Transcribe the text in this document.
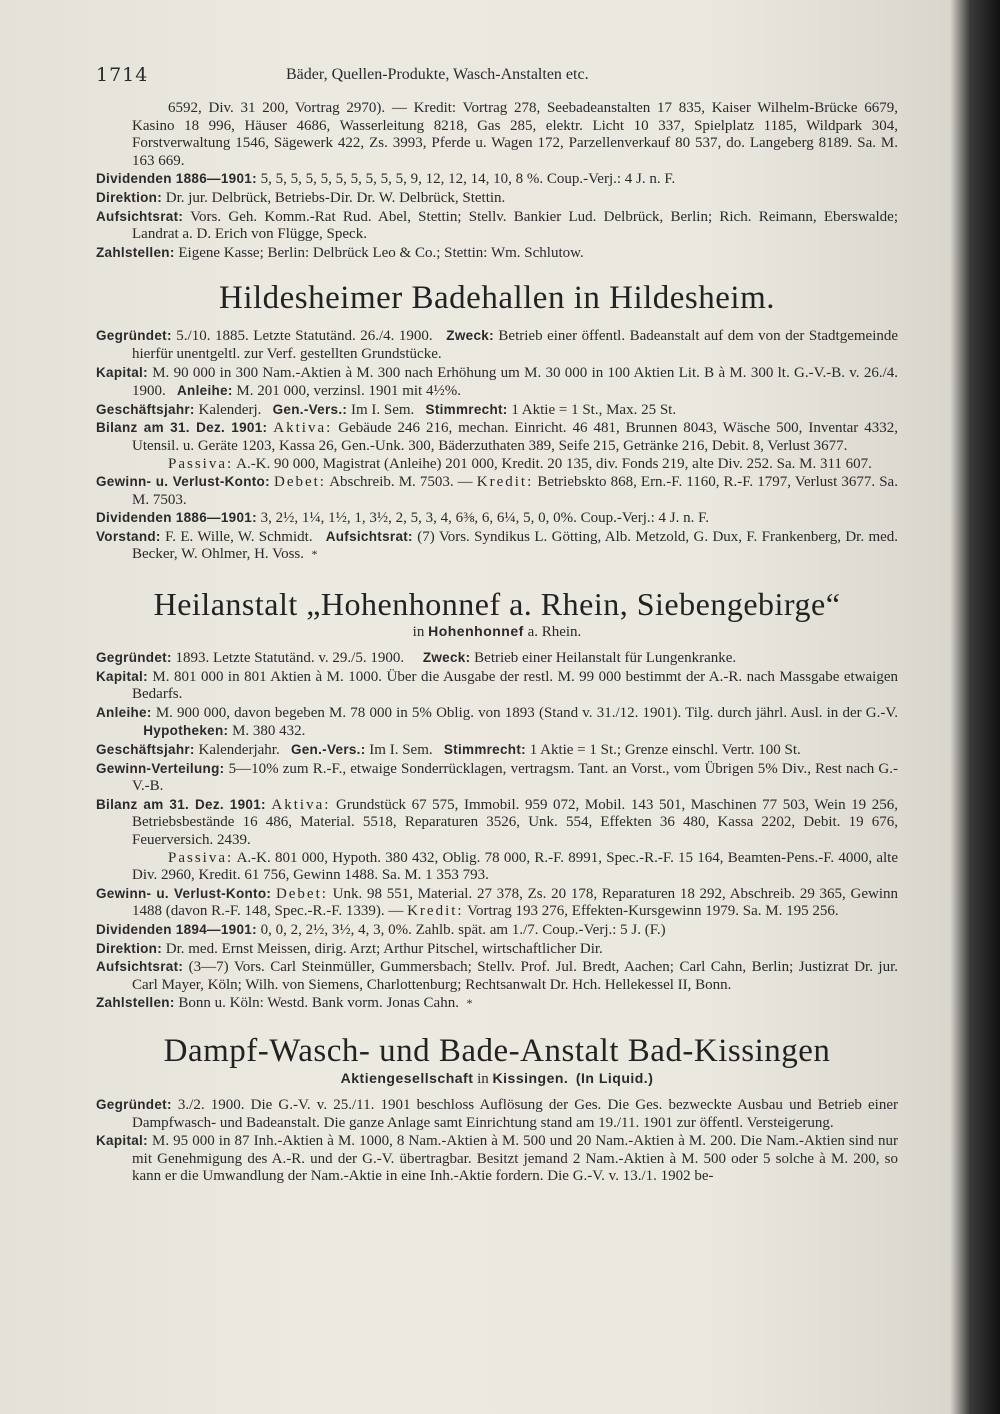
1714	Bäder, Quellen-Produkte, Wasch-Anstalten etc.

6592, Div. 31 200, Vortrag 2970). — Kredit: Vortrag 278, Seebadeanstalten 17 835, Kaiser Wilhelm-Brücke 6679, Kasino 18 996, Häuser 4686, Wasserleitung 8218, Gas 285, elektr. Licht 10 337, Spielplatz 1185, Wildpark 304, Forstverwaltung 1546, Sägewerk 422, Zs. 3993, Pferde u. Wagen 172, Parzellenverkauf 80 537, do. Langeberg 8189. Sa. M. 163 669.

Dividenden 1886—1901: 5, 5, 5, 5, 5, 5, 5, 5, 5, 5, 9, 12, 12, 14, 10, 8 %. Coup.-Verj.: 4 J. n. F.

Direktion: Dr. jur. Delbrück, Betriebs-Dir. Dr. W. Delbrück, Stettin.

Aufsichtsrat: Vors. Geh. Komm.-Rat Rud. Abel, Stettin; Stellv. Bankier Lud. Delbrück, Berlin; Rich. Reimann, Eberswalde; Landrat a. D. Erich von Flügge, Speck.

Zahlstellen: Eigene Kasse; Berlin: Delbrück Leo & Co.; Stettin: Wm. Schlutow.

Hildesheimer Badehallen in Hildesheim.

Gegründet: 5./10. 1885. Letzte Statutänd. 26./4. 1900. Zweck: Betrieb einer öffentl. Badeanstalt auf dem von der Stadtgemeinde hierfür unentgeltl. zur Verf. gestellten Grundstücke.

Kapital: M. 90 000 in 300 Nam.-Aktien à M. 300 nach Erhöhung um M. 30 000 in 100 Aktien Lit. B à M. 300 lt. G.-V.-B. v. 26./4. 1900. Anleihe: M. 201 000, verzinsl. 1901 mit 4½%.

Geschäftsjahr: Kalenderj. Gen.-Vers.: Im I. Sem. Stimmrecht: 1 Aktie = 1 St., Max. 25 St.

Bilanz am 31. Dez. 1901: Aktiva: Gebäude 246 216, mechan. Einricht. 46 481, Brunnen 8043, Wäsche 500, Inventar 4332, Utensil. u. Geräte 1203, Kassa 26, Gen.-Unk. 300, Bäderzuthaten 389, Seife 215, Getränke 216, Debit. 8, Verlust 3677.

Passiva: A.-K. 90 000, Magistrat (Anleihe) 201 000, Kredit. 20 135, div. Fonds 219, alte Div. 252. Sa. M. 311 607.

Gewinn- u. Verlust-Konto: Debet: Abschreib. M. 7503. — Kredit: Betriebskto 868, Ern.-F. 1160, R.-F. 1797, Verlust 3677. Sa. M. 7503.

Dividenden 1886—1901: 3, 2½, 1¼, 1½, 1, 3½, 2, 5, 3, 4, 6⅜, 6, 6¼, 5, 0, 0%. Coup.-Verj.: 4 J. n. F.

Vorstand: F. E. Wille, W. Schmidt. Aufsichtsrat: (7) Vors. Syndikus L. Götting, Alb. Metzold, G. Dux, F. Frankenberg, Dr. med. Becker, W. Ohlmer, H. Voss. *

Heilanstalt „Hohenhonnef a. Rhein, Siebengebirge“

in Hohenhonnef a. Rhein.

Gegründet: 1893. Letzte Statutänd. v. 29./5. 1900. Zweck: Betrieb einer Heilanstalt für Lungenkranke.

Kapital: M. 801 000 in 801 Aktien à M. 1000. Über die Ausgabe der restl. M. 99 000 bestimmt der A.-R. nach Massgabe etwaigen Bedarfs.

Anleihe: M. 900 000, davon begeben M. 78 000 in 5% Oblig. von 1893 (Stand v. 31./12. 1901). Tilg. durch jährl. Ausl. in der G.-V.    Hypotheken: M. 380 432.

Geschäftsjahr: Kalenderjahr. Gen.-Vers.: Im I. Sem. Stimmrecht: 1 Aktie = 1 St.; Grenze einschl. Vertr. 100 St.

Gewinn-Verteilung: 5—10% zum R.-F., etwaige Sonderrücklagen, vertragsm. Tant. an Vorst., vom Übrigen 5% Div., Rest nach G.-V.-B.

Bilanz am 31. Dez. 1901: Aktiva: Grundstück 67 575, Immobil. 959 072, Mobil. 143 501, Maschinen 77 503, Wein 19 256, Betriebsbestände 16 486, Material. 5518, Reparaturen 3526, Unk. 554, Effekten 36 480, Kassa 2202, Debit. 19 676, Feuerversich. 2439.

Passiva: A.-K. 801 000, Hypoth. 380 432, Oblig. 78 000, R.-F. 8991, Spec.-R.-F. 15 164, Beamten-Pens.-F. 4000, alte Div. 2960, Kredit. 61 756, Gewinn 1488. Sa. M. 1 353 793.

Gewinn- u. Verlust-Konto: Debet: Unk. 98 551, Material. 27 378, Zs. 20 178, Reparaturen 18 292, Abschreib. 29 365, Gewinn 1488 (davon R.-F. 148, Spec.-R.-F. 1339). — Kredit: Vortrag 193 276, Effekten-Kursgewinn 1979. Sa. M. 195 256.

Dividenden 1894—1901: 0, 0, 2, 2½, 3½, 4, 3, 0%. Zahlb. spät. am 1./7. Coup.-Verj.: 5 J. (F.)

Direktion: Dr. med. Ernst Meissen, dirig. Arzt; Arthur Pitschel, wirtschaftlicher Dir.

Aufsichtsrat: (3—7) Vors. Carl Steinmüller, Gummersbach; Stellv. Prof. Jul. Bredt, Aachen; Carl Cahn, Berlin; Justizrat Dr. jur. Carl Mayer, Köln; Wilh. von Siemens, Charlottenburg; Rechtsanwalt Dr. Hch. Hellekessel II, Bonn.

Zahlstellen: Bonn u. Köln: Westd. Bank vorm. Jonas Cahn. *

Dampf-Wasch- und Bade-Anstalt Bad-Kissingen

Aktiengesellschaft in Kissingen. (In Liquid.)

Gegründet: 3./2. 1900. Die G.-V. v. 25./11. 1901 beschloss Auflösung der Ges. Die Ges. bezweckte Ausbau und Betrieb einer Dampfwasch- und Badeanstalt. Die ganze Anlage samt Einrichtung stand am 19./11. 1901 zur öffentl. Versteigerung.

Kapital: M. 95 000 in 87 Inh.-Aktien à M. 1000, 8 Nam.-Aktien à M. 500 und 20 Nam.-Aktien à M. 200. Die Nam.-Aktien sind nur mit Genehmigung des A.-R. und der G.-V. übertragbar. Besitzt jemand 2 Nam.-Aktien à M. 500 oder 5 solche à M. 200, so kann er die Umwandlung der Nam.-Aktie in eine Inh.-Aktie fordern. Die G.-V. v. 13./1. 1902 be-
